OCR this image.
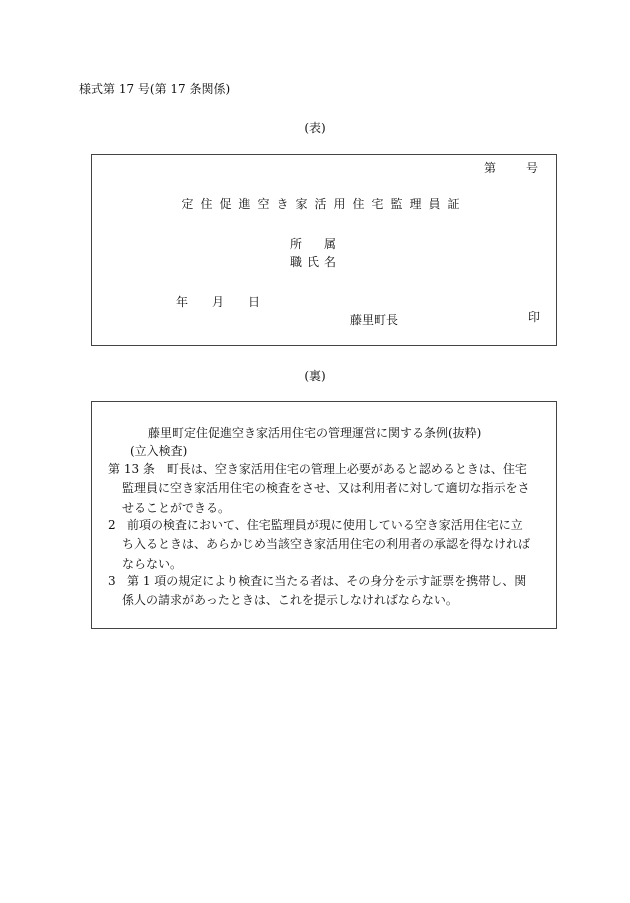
様式第 17 号(第 17 条関係)
(表)
第	号
定住促進空き家活用住宅監理員証
所属
職氏名
年 月 日
藤里町長	印
(裏)
藤里町定住促進空き家活用住宅の管理運営に関する条例(抜粋)
(立入検査)
第 13 条　 町長は、空き家活用住宅の管理上必要があると認めるときは、住宅
監理員に空き家活用住宅の検査をさせ、又は利用者に対して適切な指示をさ
せることができる。
2 前項の検査において、住宅監理員が現に使用している空き家活用住宅に立
ち入るときは、あらかじめ当該空き家活用住宅の利用者の承認を得なければ
ならない。
3 第 1 項の規定により検査に当たる者は、その身分を示す証票を携帯し、関
係人の請求があったときは、これを提示しなければならない。
